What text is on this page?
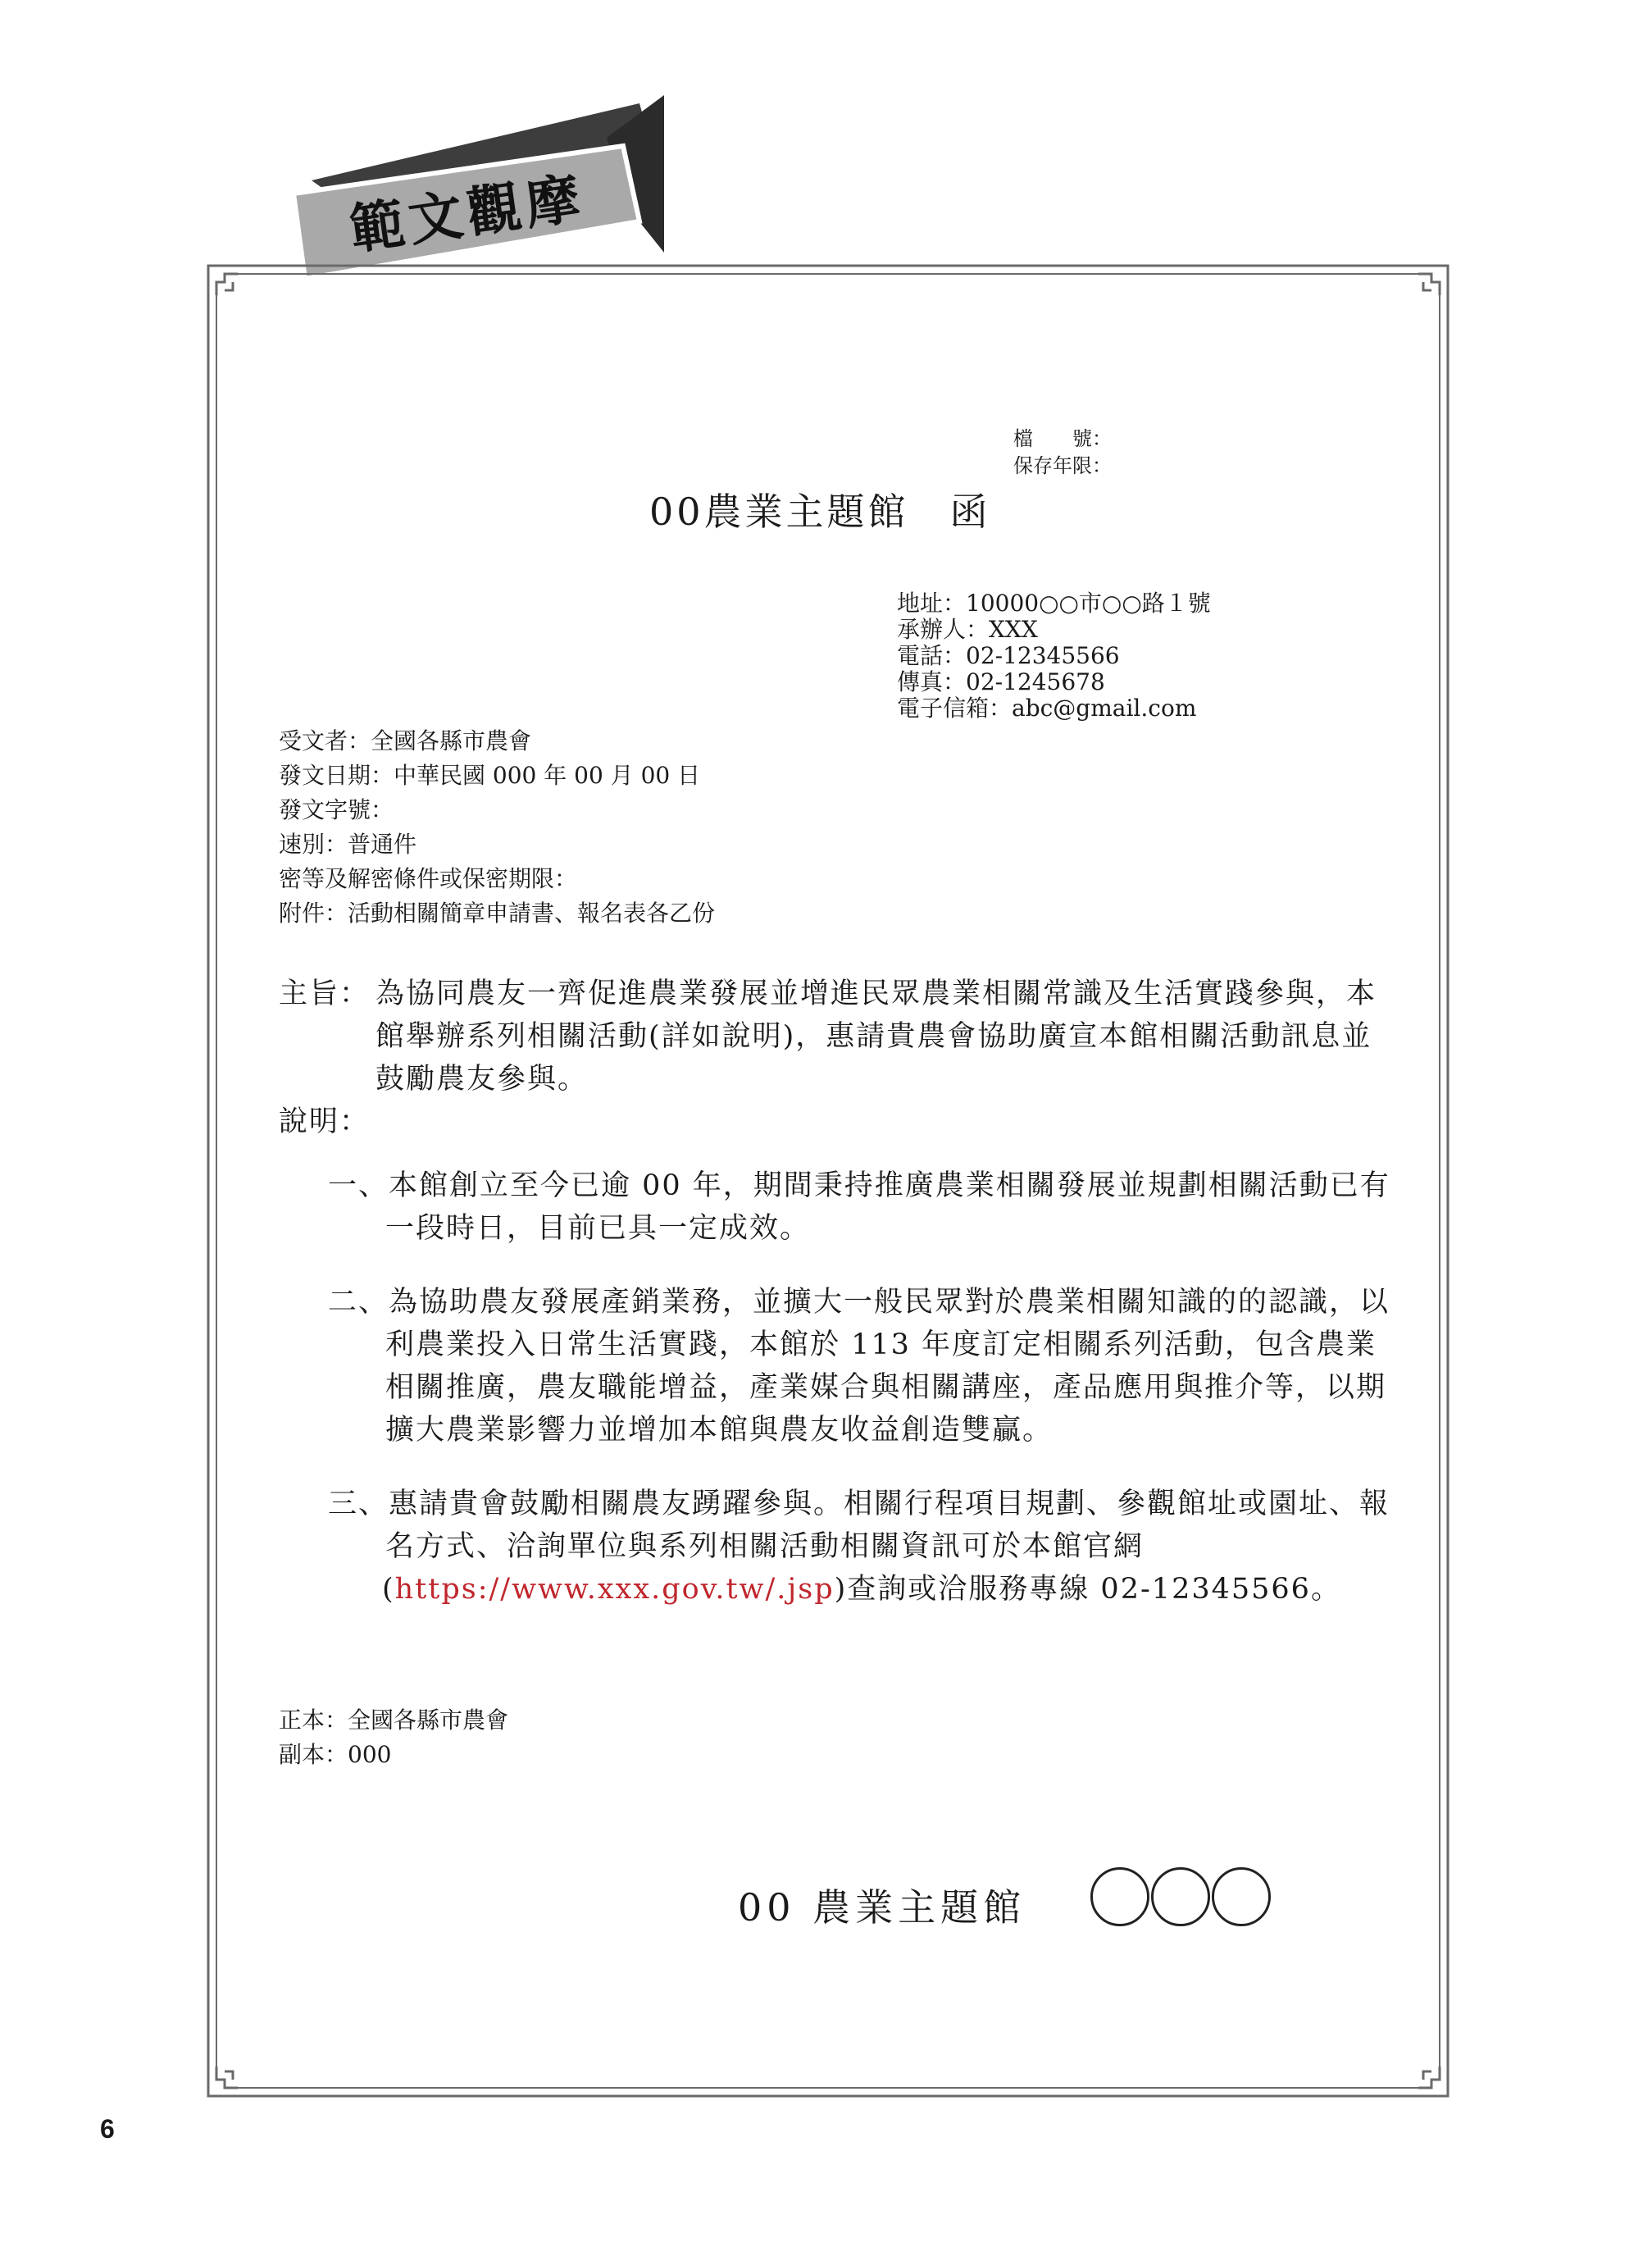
範文觀摩
檔　　號：
保存年限：
00農業主題館　函
地址：10000○○市○○路１號
承辦人：XXX
電話：02-12345566
傳真：02-1245678
電子信箱：abc@gmail.com
受文者：全國各縣市農會
發文日期：中華民國 000 年 00 月 00 日
發文字號：
速別：普通件
密等及解密條件或保密期限：
附件：活動相關簡章申請書、報名表各乙份
主旨： 為協同農友一齊促進農業發展並增進民眾農業相關常識及生活實踐參與，本
館舉辦系列相關活動(詳如說明)，惠請貴農會協助廣宣本館相關活動訊息並
鼓勵農友參與。
說明：
一、本館創立至今已逾 00 年，期間秉持推廣農業相關發展並規劃相關活動已有
一段時日，目前已具一定成效。
二、為協助農友發展產銷業務，並擴大一般民眾對於農業相關知識的的認識，以
利農業投入日常生活實踐，本館於 113 年度訂定相關系列活動，包含農業
相關推廣，農友職能增益，產業媒合與相關講座，產品應用與推介等，以期
擴大農業影響力並增加本館與農友收益創造雙贏。
三、惠請貴會鼓勵相關農友踴躍參與。相關行程項目規劃、參觀館址或園址、報
名方式、洽詢單位與系列相關活動相關資訊可於本館官網
(https://www.xxx.gov.tw/.jsp)查詢或洽服務專線 02-12345566。
正本：全國各縣市農會
副本：000
00 農業主題館
6
